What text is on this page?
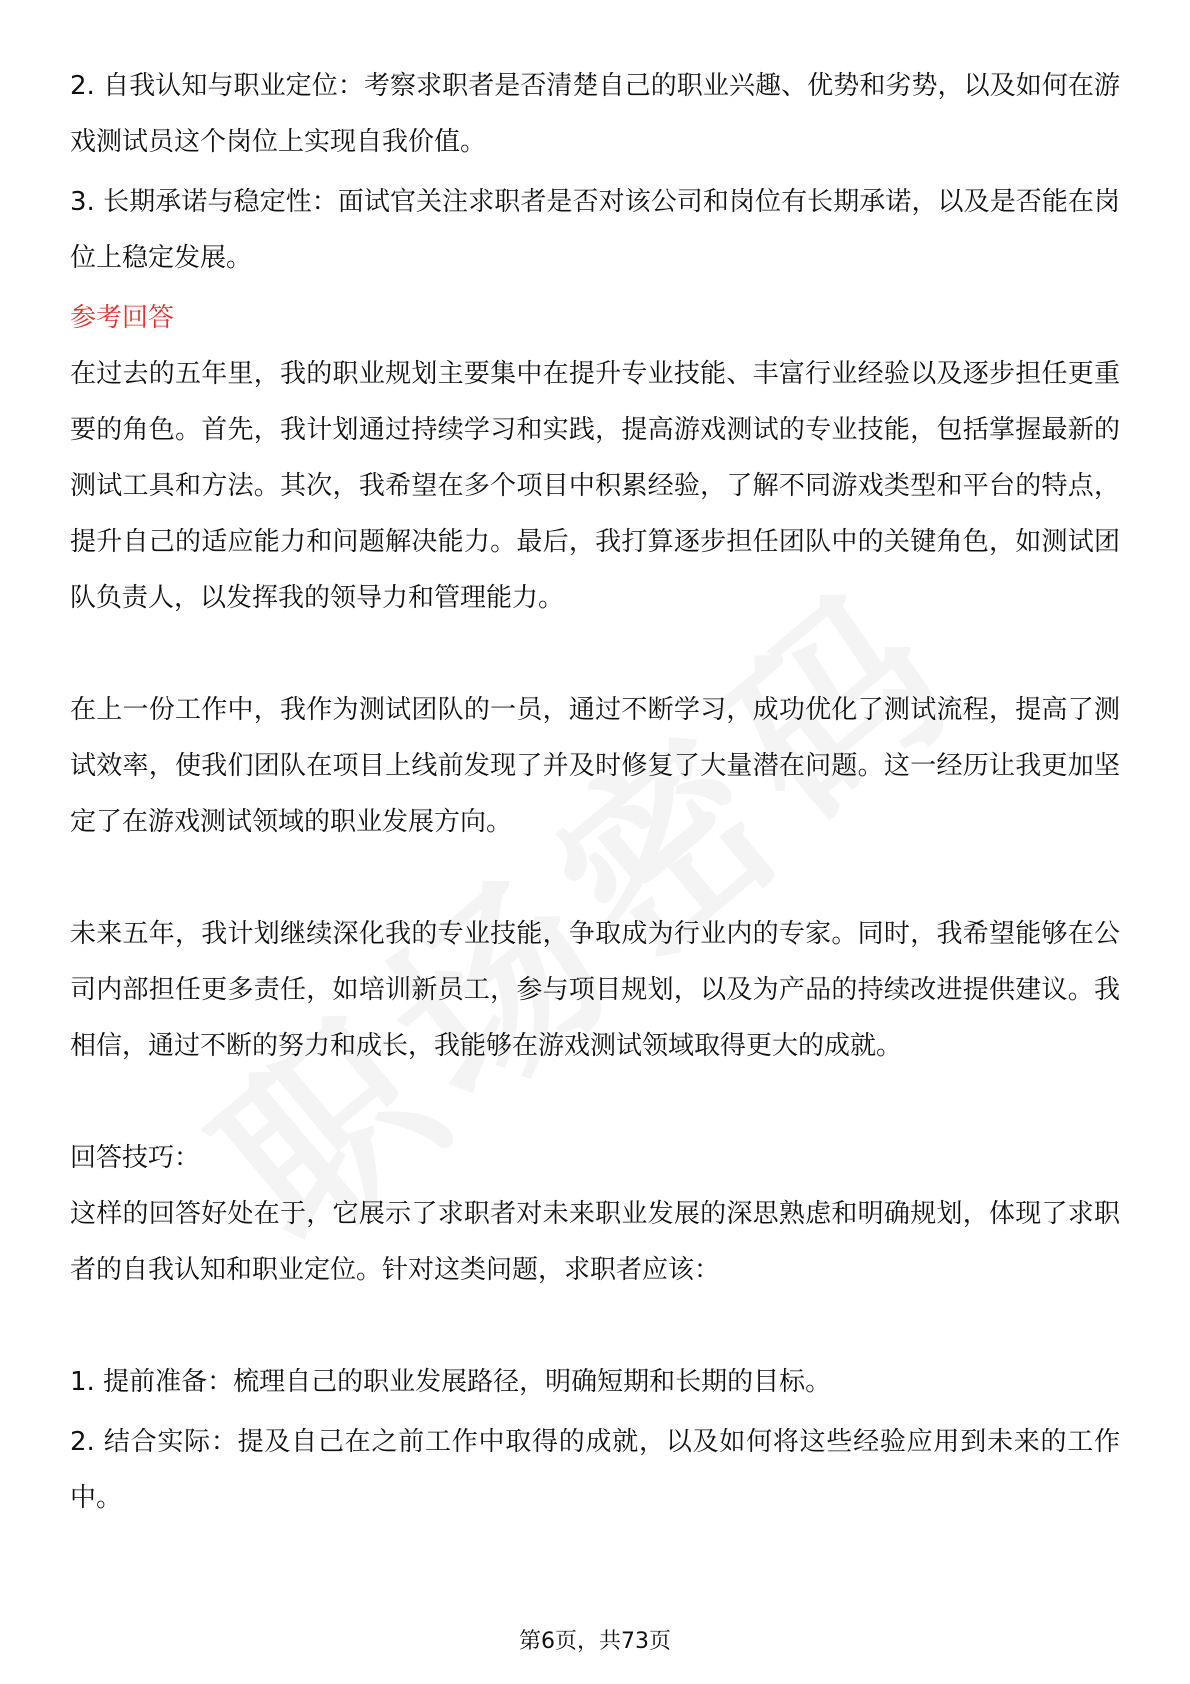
2. 自我认知与职业定位：考察求职者是否清楚自己的职业兴趣、优势和劣势，以及如何在游戏测试员这个岗位上实现自我价值。

3. 长期承诺与稳定性：面试官关注求职者是否对该公司和岗位有长期承诺，以及是否能在岗位上稳定发展。

参考回答

在过去的五年里，我的职业规划主要集中在提升专业技能、丰富行业经验以及逐步担任更重要的角色。首先，我计划通过持续学习和实践，提高游戏测试的专业技能，包括掌握最新的测试工具和方法。其次，我希望在多个项目中积累经验，了解不同游戏类型和平台的特点，提升自己的适应能力和问题解决能力。最后，我打算逐步担任团队中的关键角色，如测试团队负责人，以发挥我的领导力和管理能力。

在上一份工作中，我作为测试团队的一员，通过不断学习，成功优化了测试流程，提高了测试效率，使我们团队在项目上线前发现了并及时修复了大量潜在问题。这一经历让我更加坚定了在游戏测试领域的职业发展方向。

未来五年，我计划继续深化我的专业技能，争取成为行业内的专家。同时，我希望能够在公司内部担任更多责任，如培训新员工，参与项目规划，以及为产品的持续改进提供建议。我相信，通过不断的努力和成长，我能够在游戏测试领域取得更大的成就。

回答技巧：

这样的回答好处在于，它展示了求职者对未来职业发展的深思熟虑和明确规划，体现了求职者的自我认知和职业定位。针对这类问题，求职者应该：

1. 提前准备：梳理自己的职业发展路径，明确短期和长期的目标。

2. 结合实际：提及自己在之前工作中取得的成就，以及如何将这些经验应用到未来的工作中。

第6页，共73页
